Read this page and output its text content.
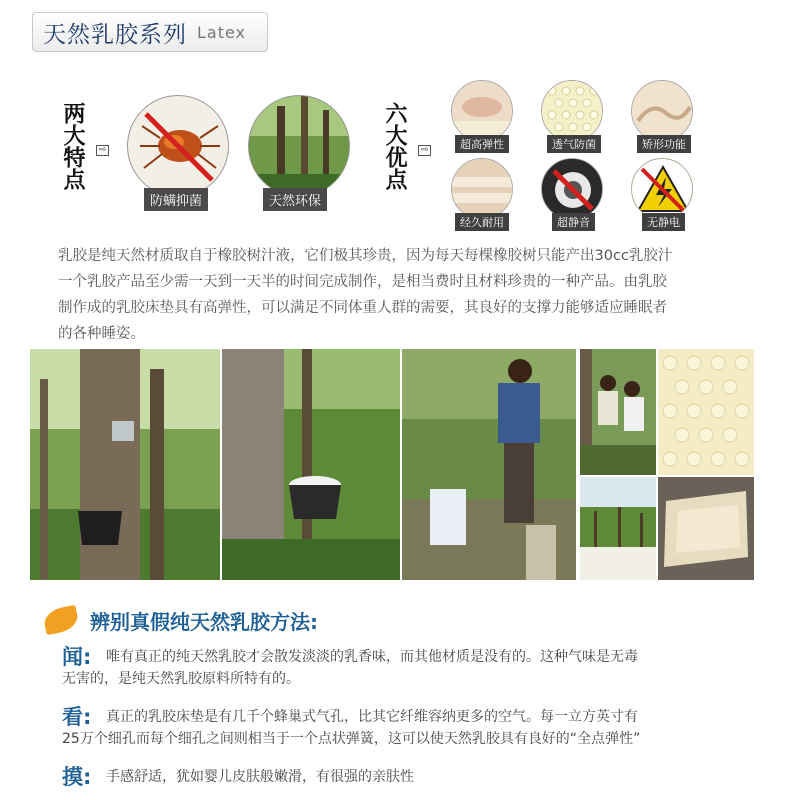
天然乳胶系列 Latex
两大特点	⇨
防螨抑菌	天然环保
六大优点	⇨	超高弹性	透气防菌	矫形功能
经久耐用	超静音	无静电
乳胶是纯天然材质取自于橡胶树汁液，它们极其珍贵，因为每天每棵橡胶树只能产出30cc乳胶汁
一个乳胶产品至少需一天到一天半的时间完成制作，是相当费时且材料珍贵的一种产品。由乳胶
制作成的乳胶床垫具有高弹性，可以满足不同体重人群的需要，其良好的支撑力能够适应睡眠者
的各种睡姿。
辨别真假纯天然乳胶方法:
闻: 唯有真正的纯天然乳胶才会散发淡淡的乳香味，而其他材质是没有的。这种气味是无毒
无害的，是纯天然乳胶原料所特有的。
看: 真正的乳胶床垫是有几千个蜂巢式气孔，比其它纤维容纳更多的空气。每一立方英寸有
25万个细孔而每个细孔之间则相当于一个点状弹簧，这可以使天然乳胶具有良好的“全点弹性”
摸: 手感舒适，犹如婴儿皮肤般嫩滑，有很强的亲肤性
